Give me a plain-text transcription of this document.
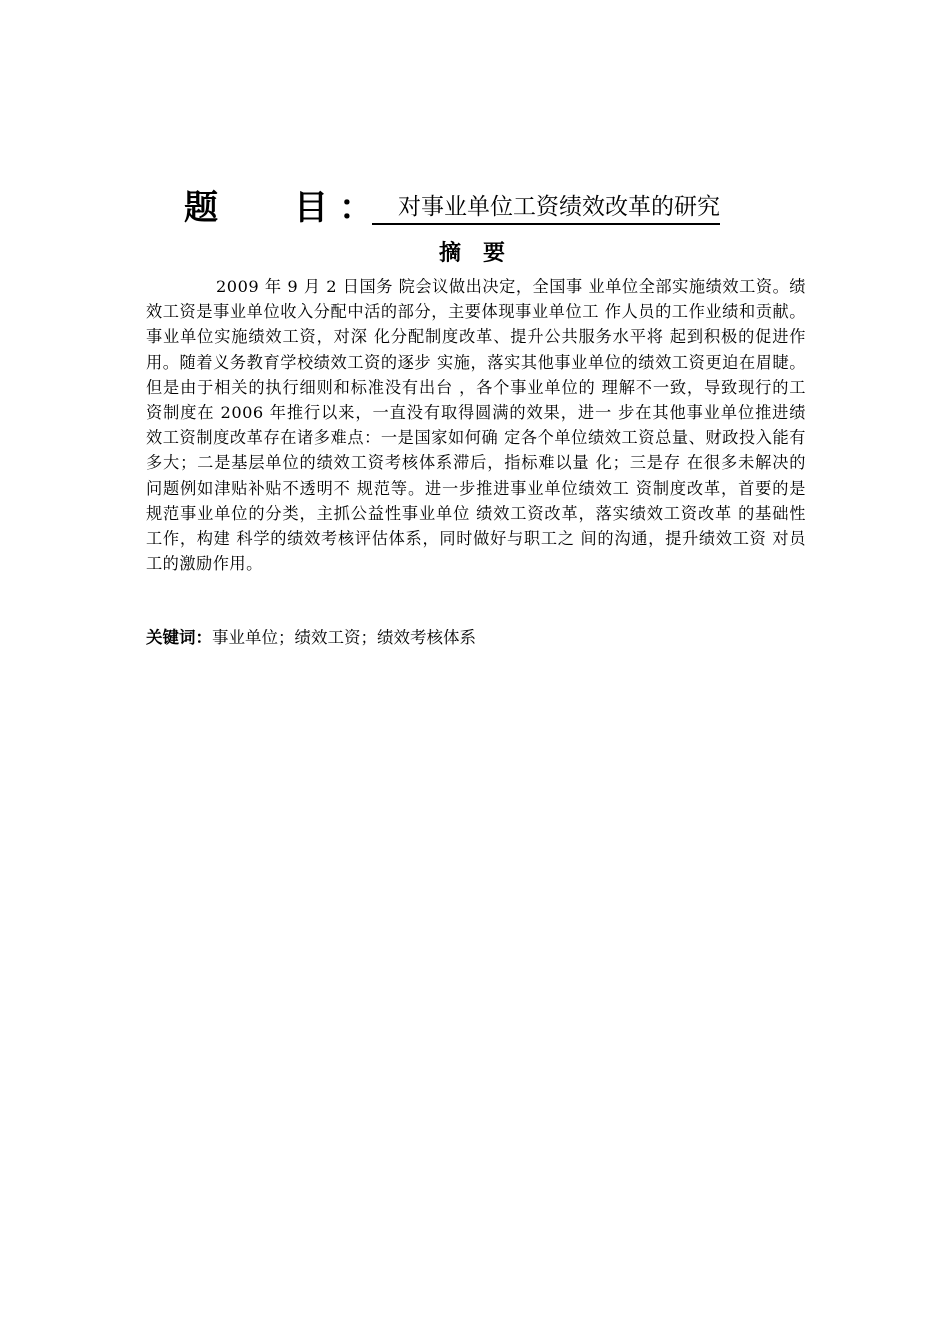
题 目 ：	对事业单位工资绩效改革的研究
摘要
2009 年 9 月 2 日国务 院会议做出决定，全国事 业单位全部实施绩效工资。绩效工资是事业单位收入分配中活的部分，主要体现事业单位工 作人员的工作业绩和贡献。事业单位实施绩效工资，对深 化分配制度改革、提升公共服务水平将 起到积极的促进作用。随着义务教育学校绩效工资的逐步 实施，落实其他事业单位的绩效工资更迫在眉睫。但是由于相关的执行细则和标准没有出台 ，各个事业单位的 理解不一致，导致现行的工资制度在 2006 年推行以来，一直没有取得圆满的效果，进一 步在其他事业单位推进绩效工资制度改革存在诸多难点：一是国家如何确 定各个单位绩效工资总量、财政投入能有多大；二是基层单位的绩效工资考核体系滞后，指标难以量 化；三是存 在很多未解决的问题例如津贴补贴不透明不 规范等。进一步推进事业单位绩效工 资制度改革，首要的是规范事业单位的分类，主抓公益性事业单位 绩效工资改革，落实绩效工资改革 的基础性工作，构建 科学的绩效考核评估体系，同时做好与职工之 间的沟通，提升绩效工资 对员工的激励作用。
关键词：事业单位；绩效工资；绩效考核体系
